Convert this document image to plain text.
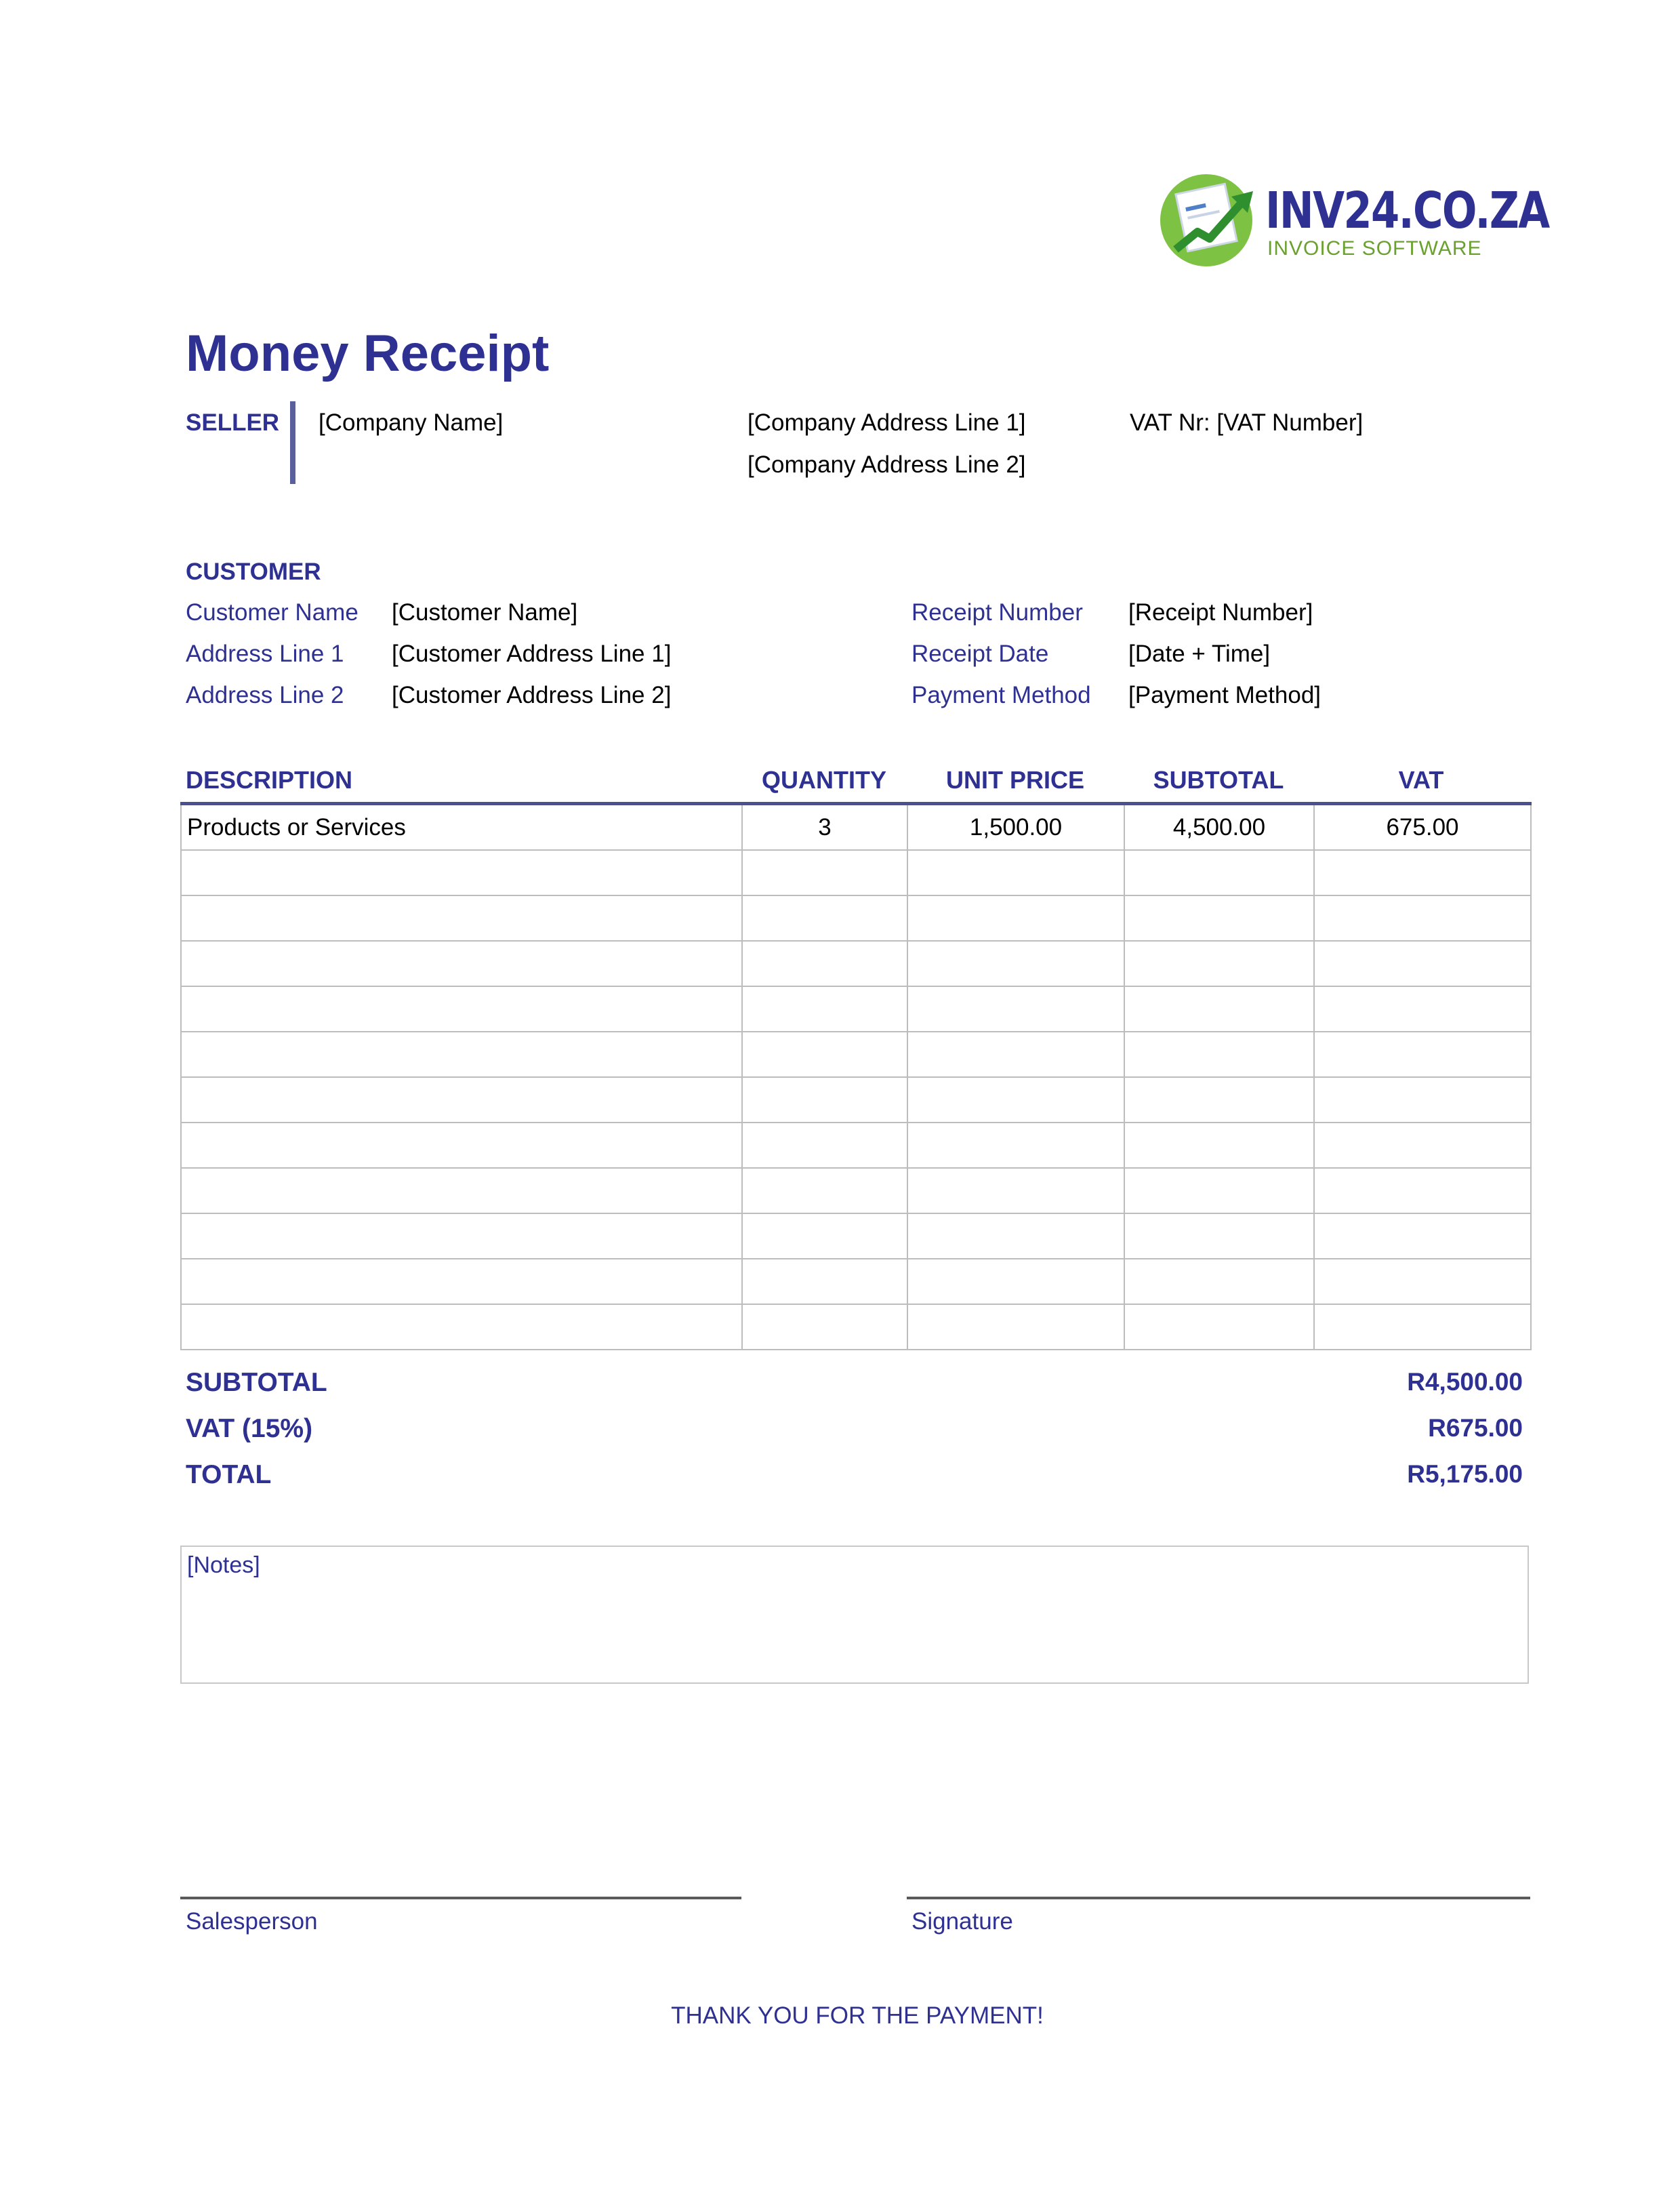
INV24.CO.ZA
INVOICE SOFTWARE
Money Receipt
SELLER [Company Name]	[Company Address Line 1]
[Company Address Line 2]
VAT Nr: [VAT Number]
CUSTOMER
Customer Name [Customer Name]
Address Line 1 [Customer Address Line 1]
Address Line 2 [Customer Address Line 2]
Receipt Number [Receipt Number]
Receipt Date	[Date + Time]
Payment Method [Payment Method]
DESCRIPTION	QUANTITY	UNIT PRICE	SUBTOTAL	VAT
Products or Services	3	1,500.00	4,500.00	675.00

SUBTOTAL	R4,500.00
VAT (15%)	R675.00
TOTAL	R5,175.00
[Notes]
Salesperson	Signature
THANK YOU FOR THE PAYMENT!
